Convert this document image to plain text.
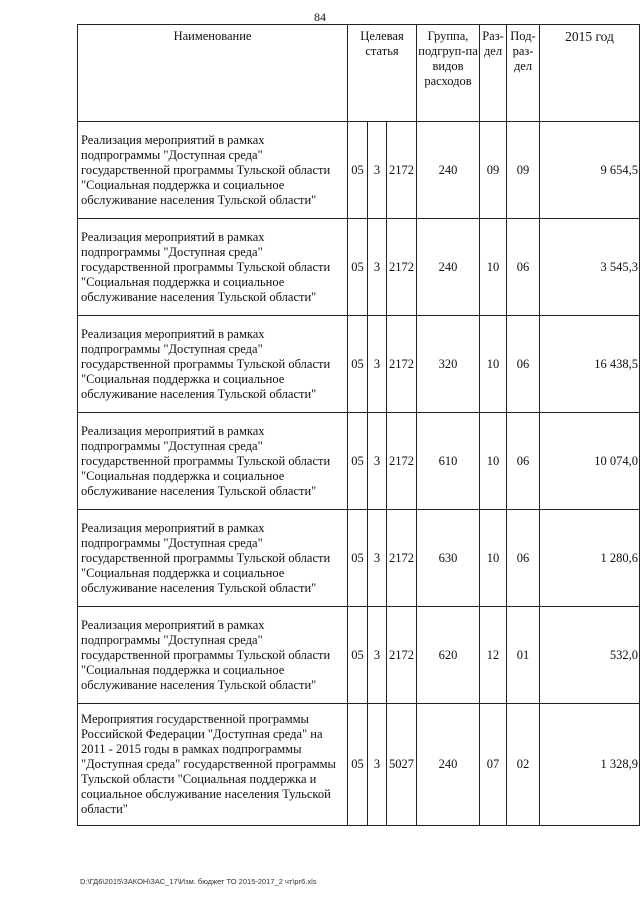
84
Наименование	Целевая статья			Группа, подгруп-па видов расходов	Раз-дел	Под-раз-дел	2015 год
Реализация мероприятий в рамках подпрограммы "Доступная среда" государственной программы Тульской области "Социальная поддержка и социальное обслуживание населения Тульской области"	05	3	2172	240	09	09	9 654,5
Реализация мероприятий в рамках подпрограммы "Доступная среда" государственной программы Тульской области "Социальная поддержка и социальное обслуживание населения Тульской области"	05	3	2172	240	10	06	3 545,3
Реализация мероприятий в рамках подпрограммы "Доступная среда" государственной программы Тульской области "Социальная поддержка и социальное обслуживание населения Тульской области"	05	3	2172	320	10	06	16 438,5
Реализация мероприятий в рамках подпрограммы "Доступная среда" государственной программы Тульской области "Социальная поддержка и социальное обслуживание населения Тульской области"	05	3	2172	610	10	06	10 074,0
Реализация мероприятий в рамках подпрограммы "Доступная среда" государственной программы Тульской области "Социальная поддержка и социальное обслуживание населения Тульской области"	05	3	2172	630	10	06	1 280,6
Реализация мероприятий в рамках подпрограммы "Доступная среда" государственной программы Тульской области "Социальная поддержка и социальное обслуживание населения Тульской области"	05	3	2172	620	12	01	532,0
Мероприятия государственной программы Российской Федерации "Доступная среда" на 2011 - 2015 годы в рамках подпрограммы "Доступная среда" государственной программы Тульской области "Социальная поддержка и социальное обслуживание населения Тульской области"	05	3	5027	240	07	02	1 328,9
D:\ГД6\2015\ЗАКОН\ЗАС_17\Изм. бюджет ТО 2015-2017_2 чт\pr6.xls
